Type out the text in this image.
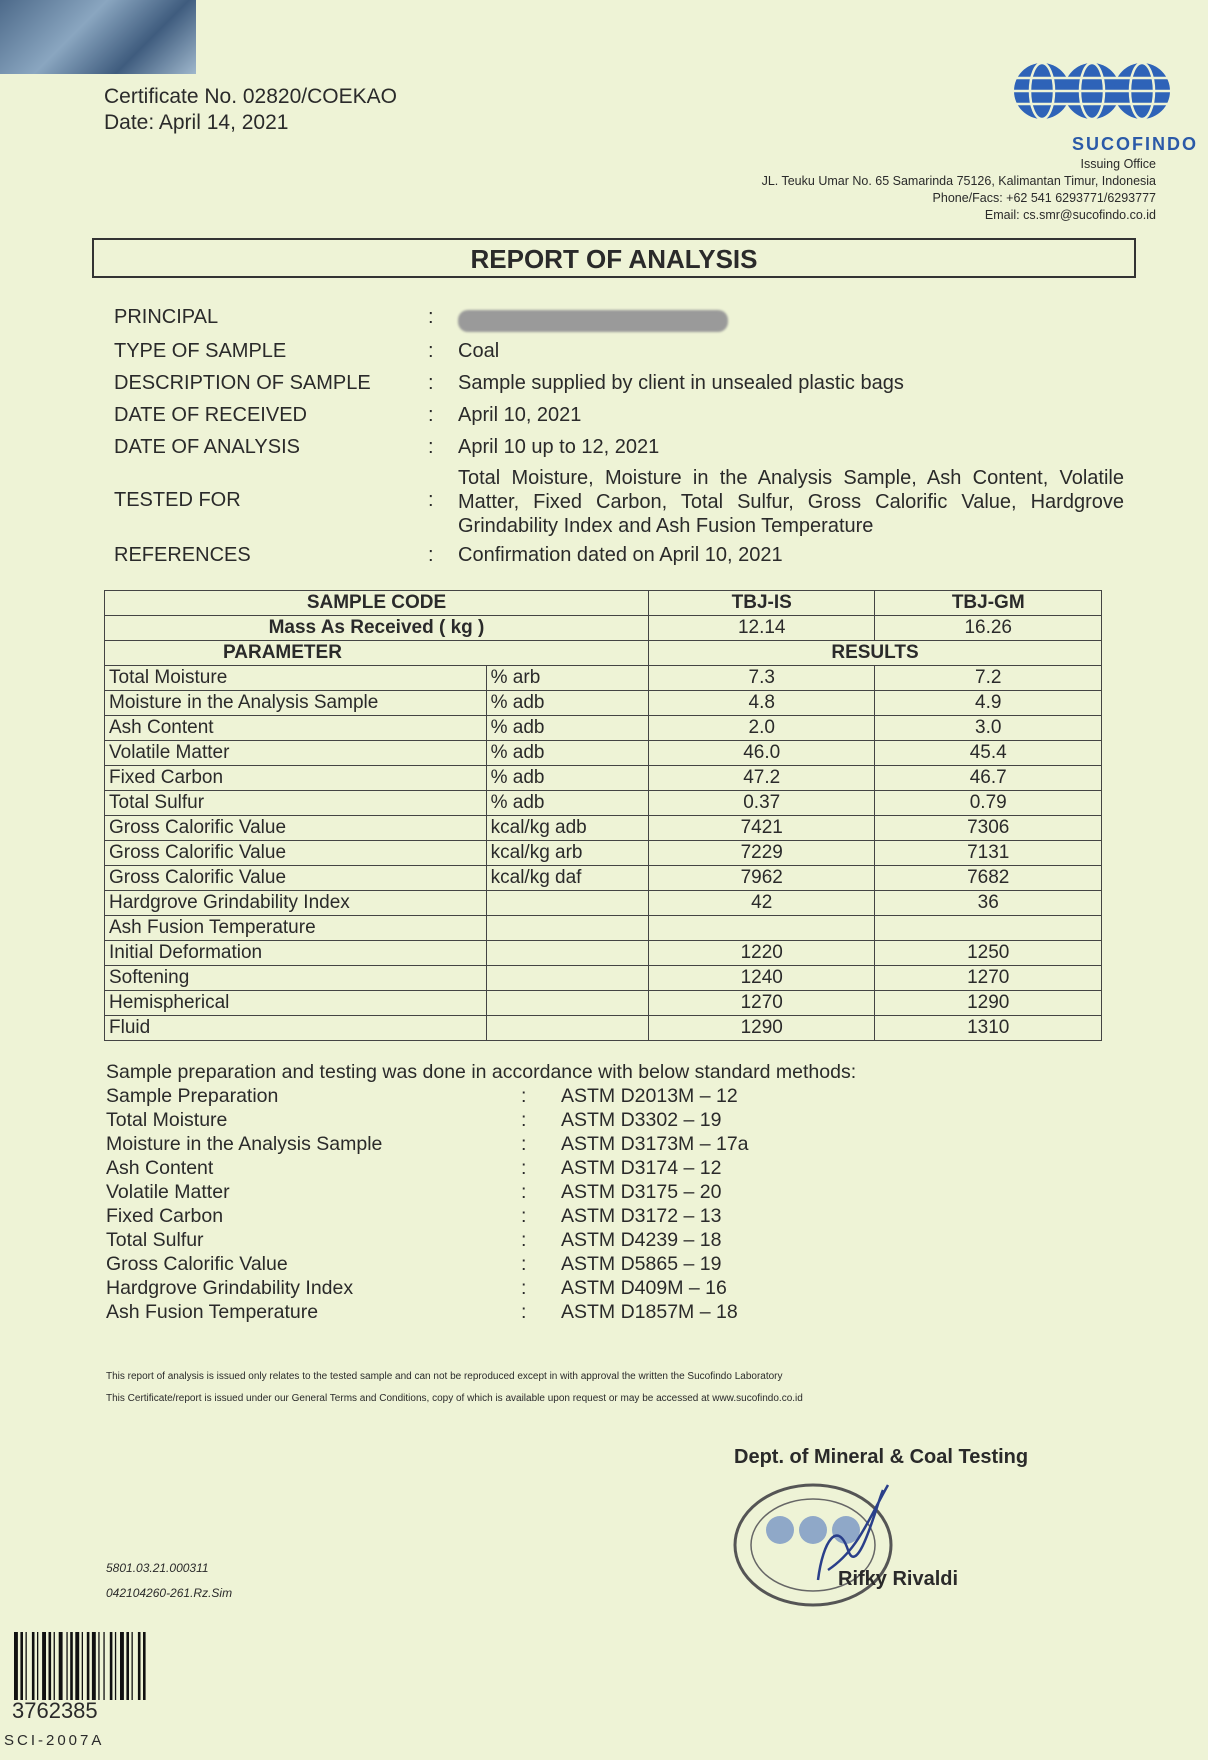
Certificate No. 02820/COEKAO
Date: April 14, 2021
SUCOFINDO
Issuing Office
JL. Teuku Umar No. 65 Samarinda 75126, Kalimantan Timur, Indonesia
Phone/Facs: +62 541 6293771/6293777
Email: cs.smr@sucofindo.co.id
REPORT OF ANALYSIS
PRINCIPAL	:
TYPE OF SAMPLE	:	Coal
DESCRIPTION OF SAMPLE	:	Sample supplied by client in unsealed plastic bags
DATE OF RECEIVED	:	April 10, 2021
DATE OF ANALYSIS	:	April 10 up to 12, 2021
TESTED FOR	:
Total Moisture, Moisture in the Analysis Sample, Ash Content, Volatile Matter, Fixed Carbon, Total Sulfur, Gross Calorific Value, Hardgrove Grindability Index and Ash Fusion Temperature
REFERENCES	:	Confirmation dated on April 10, 2021
SAMPLE CODE		TBJ-IS	TBJ-GM
Mass As Received ( kg )		12.14	16.26
PARAMETER		RESULTS	
Total Moisture	% arb	7.3	7.2
Moisture in the Analysis Sample	% adb	4.8	4.9
Ash Content	% adb	2.0	3.0
Volatile Matter	% adb	46.0	45.4
Fixed Carbon	% adb	47.2	46.7
Total Sulfur	% adb	0.37	0.79
Gross Calorific Value	kcal/kg adb	7421	7306
Gross Calorific Value	kcal/kg arb	7229	7131
Gross Calorific Value	kcal/kg daf	7962	7682
Hardgrove Grindability Index		42	36
Ash Fusion Temperature			
Initial Deformation		1220	1250
Softening		1240	1270
Hemispherical		1270	1290
Fluid		1290	1310
Sample preparation and testing was done in accordance with below standard methods:
Sample Preparation	:	ASTM D2013M – 12
Total Moisture	:	ASTM D3302 – 19
Moisture in the Analysis Sample	:	ASTM D3173M – 17a
Ash Content	:	ASTM D3174 – 12
Volatile Matter	:	ASTM D3175 – 20
Fixed Carbon	:	ASTM D3172 – 13
Total Sulfur	:	ASTM D4239 – 18
Gross Calorific Value	:	ASTM D5865 – 19
Hardgrove Grindability Index	:	ASTM D409M – 16
Ash Fusion Temperature	:	ASTM D1857M – 18
This report of analysis is issued only relates to the tested sample and can not be reproduced except in with approval the written the Sucofindo Laboratory
This Certificate/report is issued under our General Terms and Conditions, copy of which is available upon request or may be accessed at www.sucofindo.co.id
Dept. of Mineral & Coal Testing
Rifky Rivaldi
5801.03.21.000311
042104260-261.Rz.Sim
3762385
SCI-2007A
